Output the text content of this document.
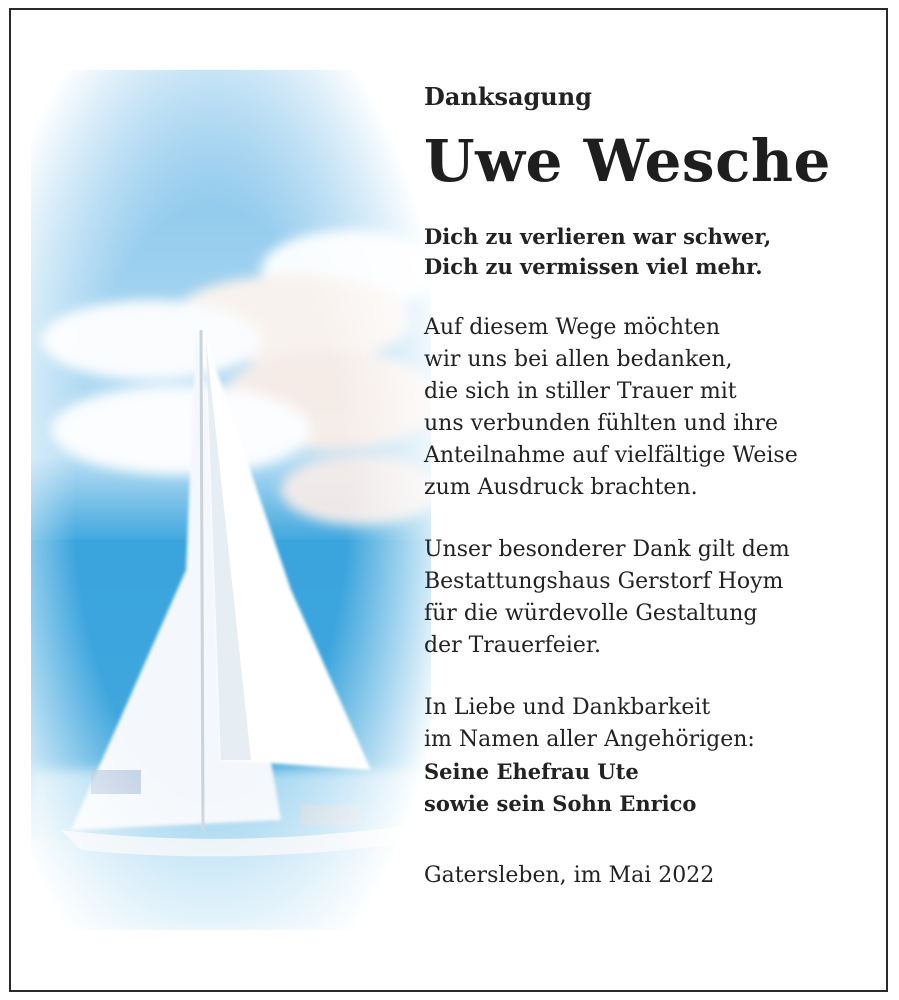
Danksagung

Uwe Wesche

Dich zu verlieren war schwer,
Dich zu vermissen viel mehr.
Auf diesem Wege möchten
wir uns bei allen bedanken,
die sich in stiller Trauer mit
uns verbunden fühlten und ihre
Anteilnahme auf vielfältige Weise
zum Ausdruck brachten.
Unser besonderer Dank gilt dem
Bestattungshaus Gerstorf Hoym
für die würdevolle Gestaltung
der Trauerfeier.
In Liebe und Dankbarkeit
im Namen aller Angehörigen:
Seine Ehefrau Ute
sowie sein Sohn Enrico
Gatersleben, im Mai 2022
